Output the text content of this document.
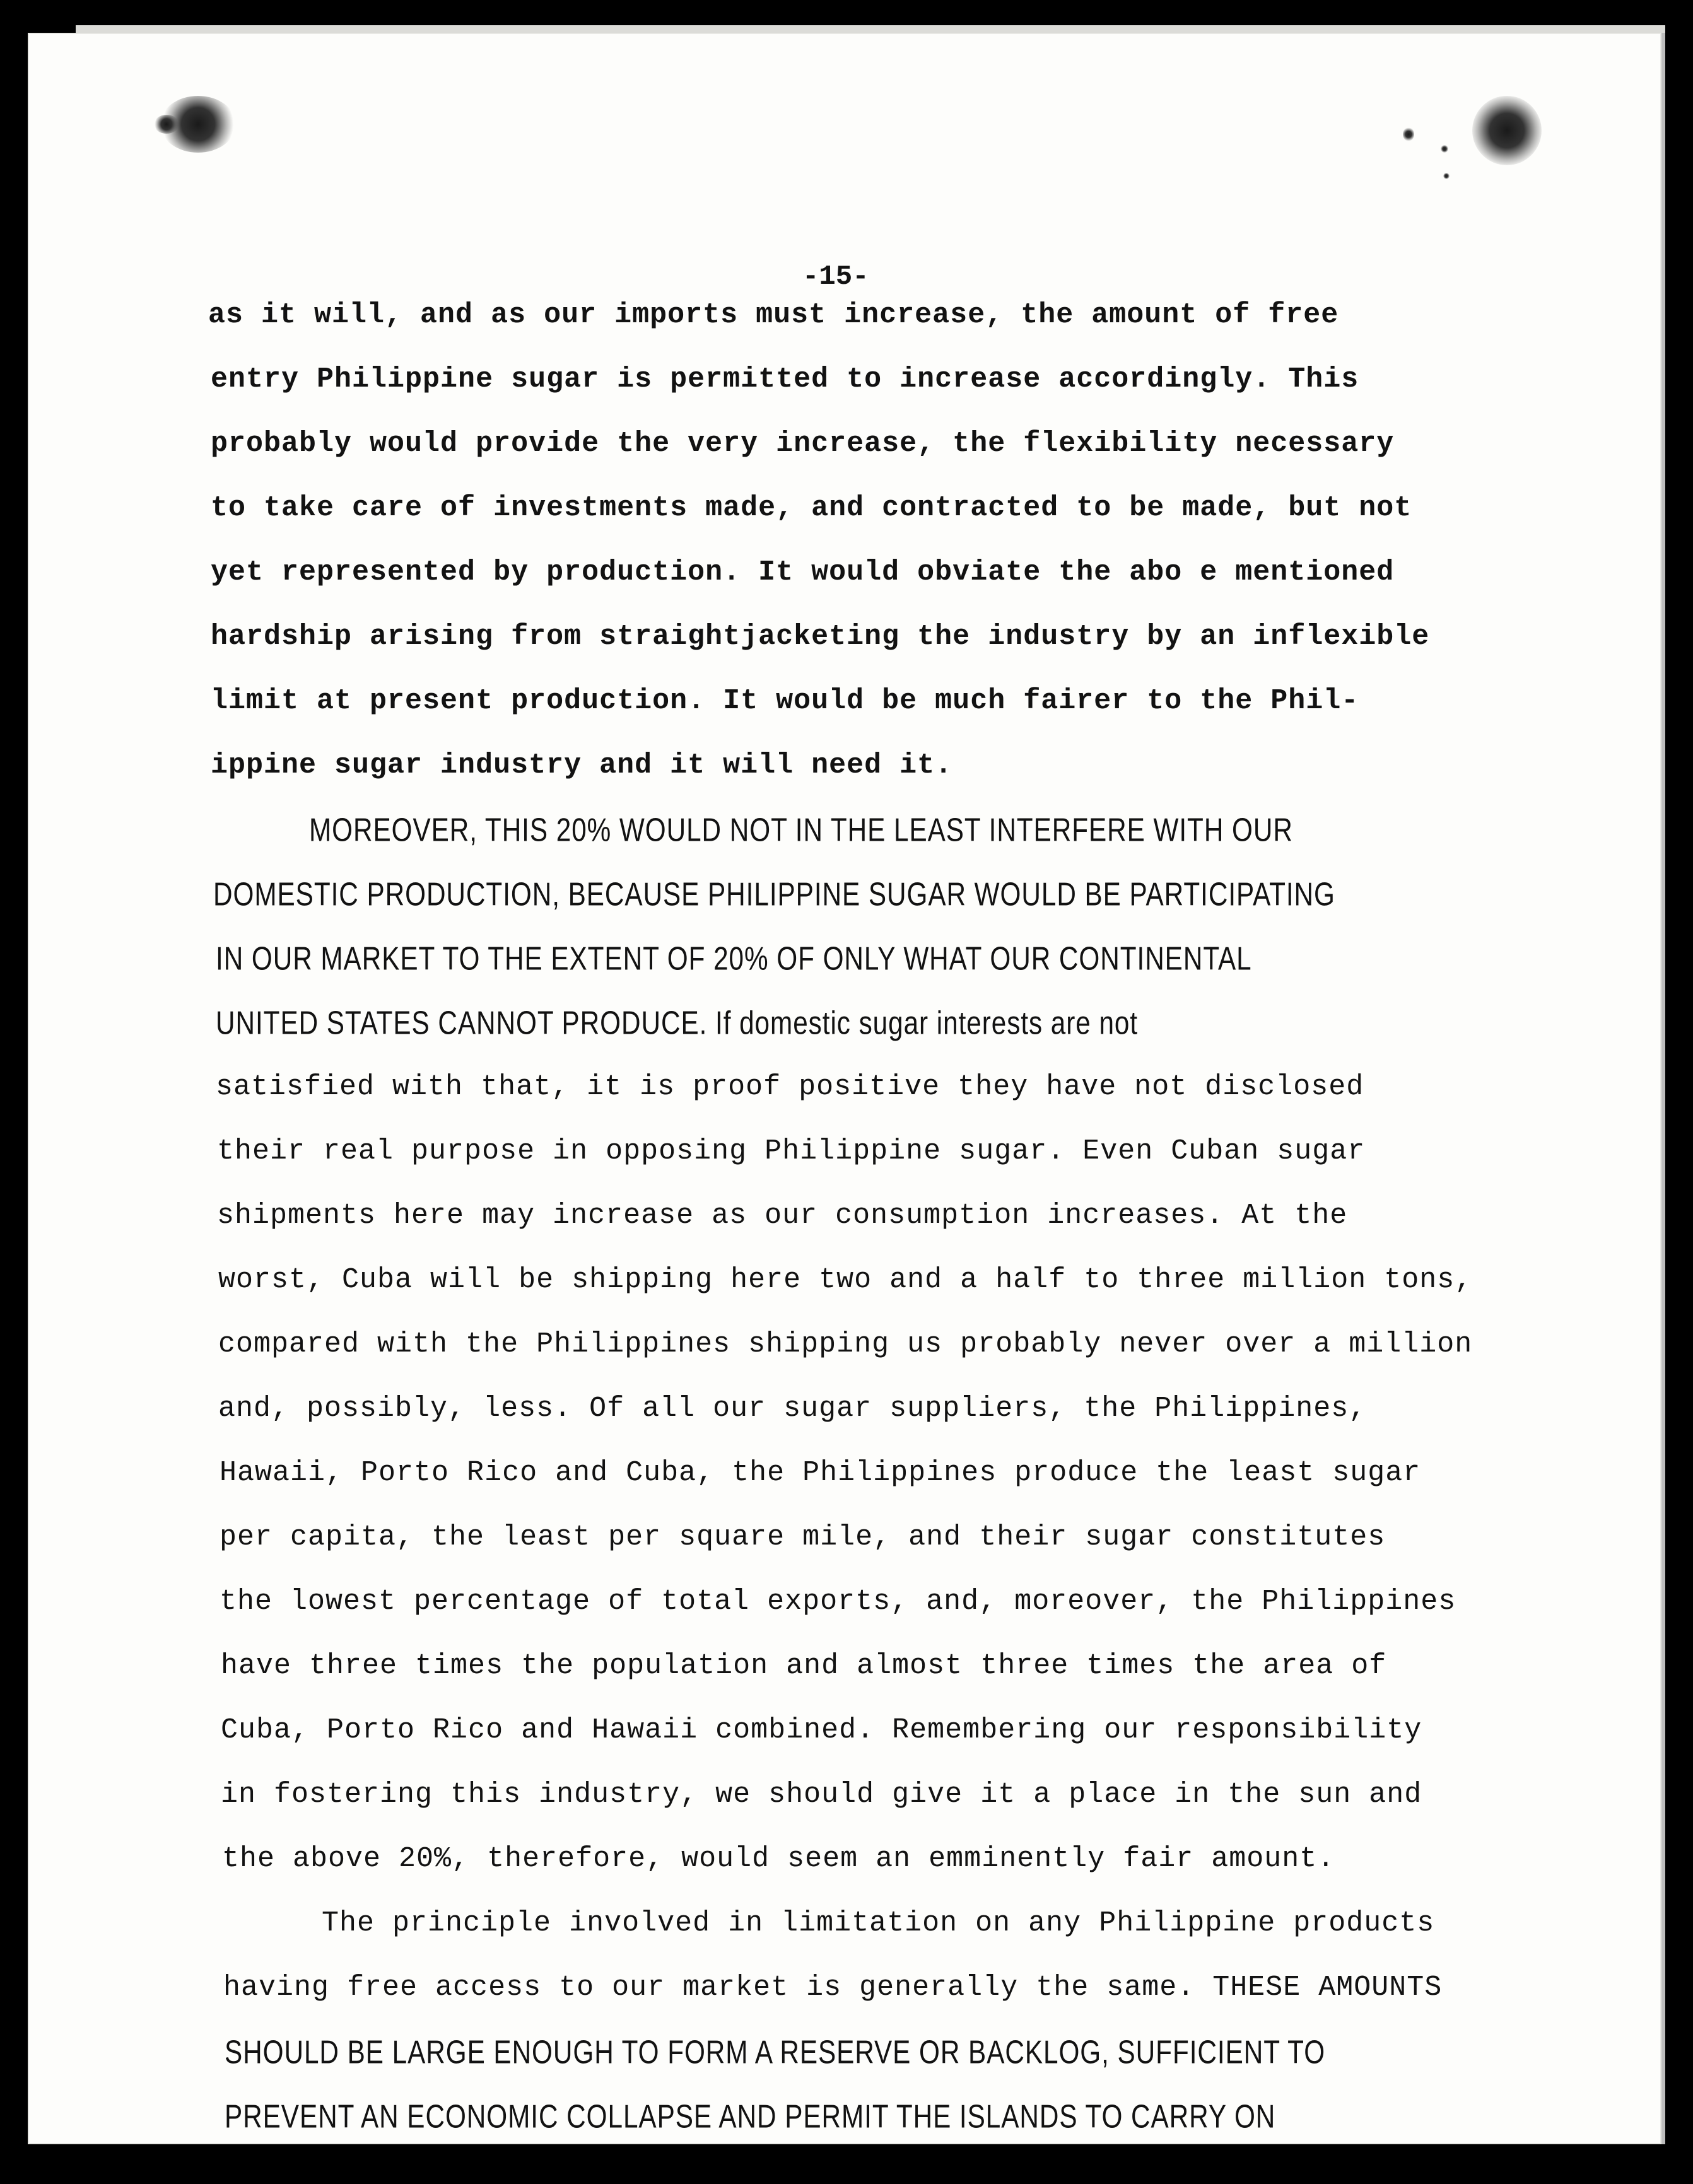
-15-
as it will, and as our imports must increase, the amount of free
entry Philippine sugar is permitted to increase accordingly. This
probably would provide the very increase, the flexibility necessary
to take care of investments made, and contracted to be made, but not
yet represented by production. It would obviate the abo e mentioned
hardship arising from straightjacketing the industry by an inflexible
limit at present production. It would be much fairer to the Phil-
ippine sugar industry and it will need it.
MOREOVER, THIS 20% WOULD NOT IN THE LEAST INTERFERE WITH OUR
DOMESTIC PRODUCTION, BECAUSE PHILIPPINE SUGAR WOULD BE PARTICIPATING
IN OUR MARKET TO THE EXTENT OF 20% OF ONLY WHAT OUR CONTINENTAL
UNITED STATES CANNOT PRODUCE. If domestic sugar interests are not
satisfied with that, it is proof positive they have not disclosed
their real purpose in opposing Philippine sugar. Even Cuban sugar
shipments here may increase as our consumption increases. At the
worst, Cuba will be shipping here two and a half to three million tons,
compared with the Philippines shipping us probably never over a million
and, possibly, less. Of all our sugar suppliers, the Philippines,
Hawaii, Porto Rico and Cuba, the Philippines produce the least sugar
per capita, the least per square mile, and their sugar constitutes
the lowest percentage of total exports, and, moreover, the Philippines
have three times the population and almost three times the area of
Cuba, Porto Rico and Hawaii combined. Remembering our responsibility
in fostering this industry, we should give it a place in the sun and
the above 20%, therefore, would seem an emminently fair amount.
The principle involved in limitation on any Philippine products
having free access to our market is generally the same. THESE AMOUNTS
SHOULD BE LARGE ENOUGH TO FORM A RESERVE OR BACKLOG, SUFFICIENT TO
PREVENT AN ECONOMIC COLLAPSE AND PERMIT THE ISLANDS TO CARRY ON
